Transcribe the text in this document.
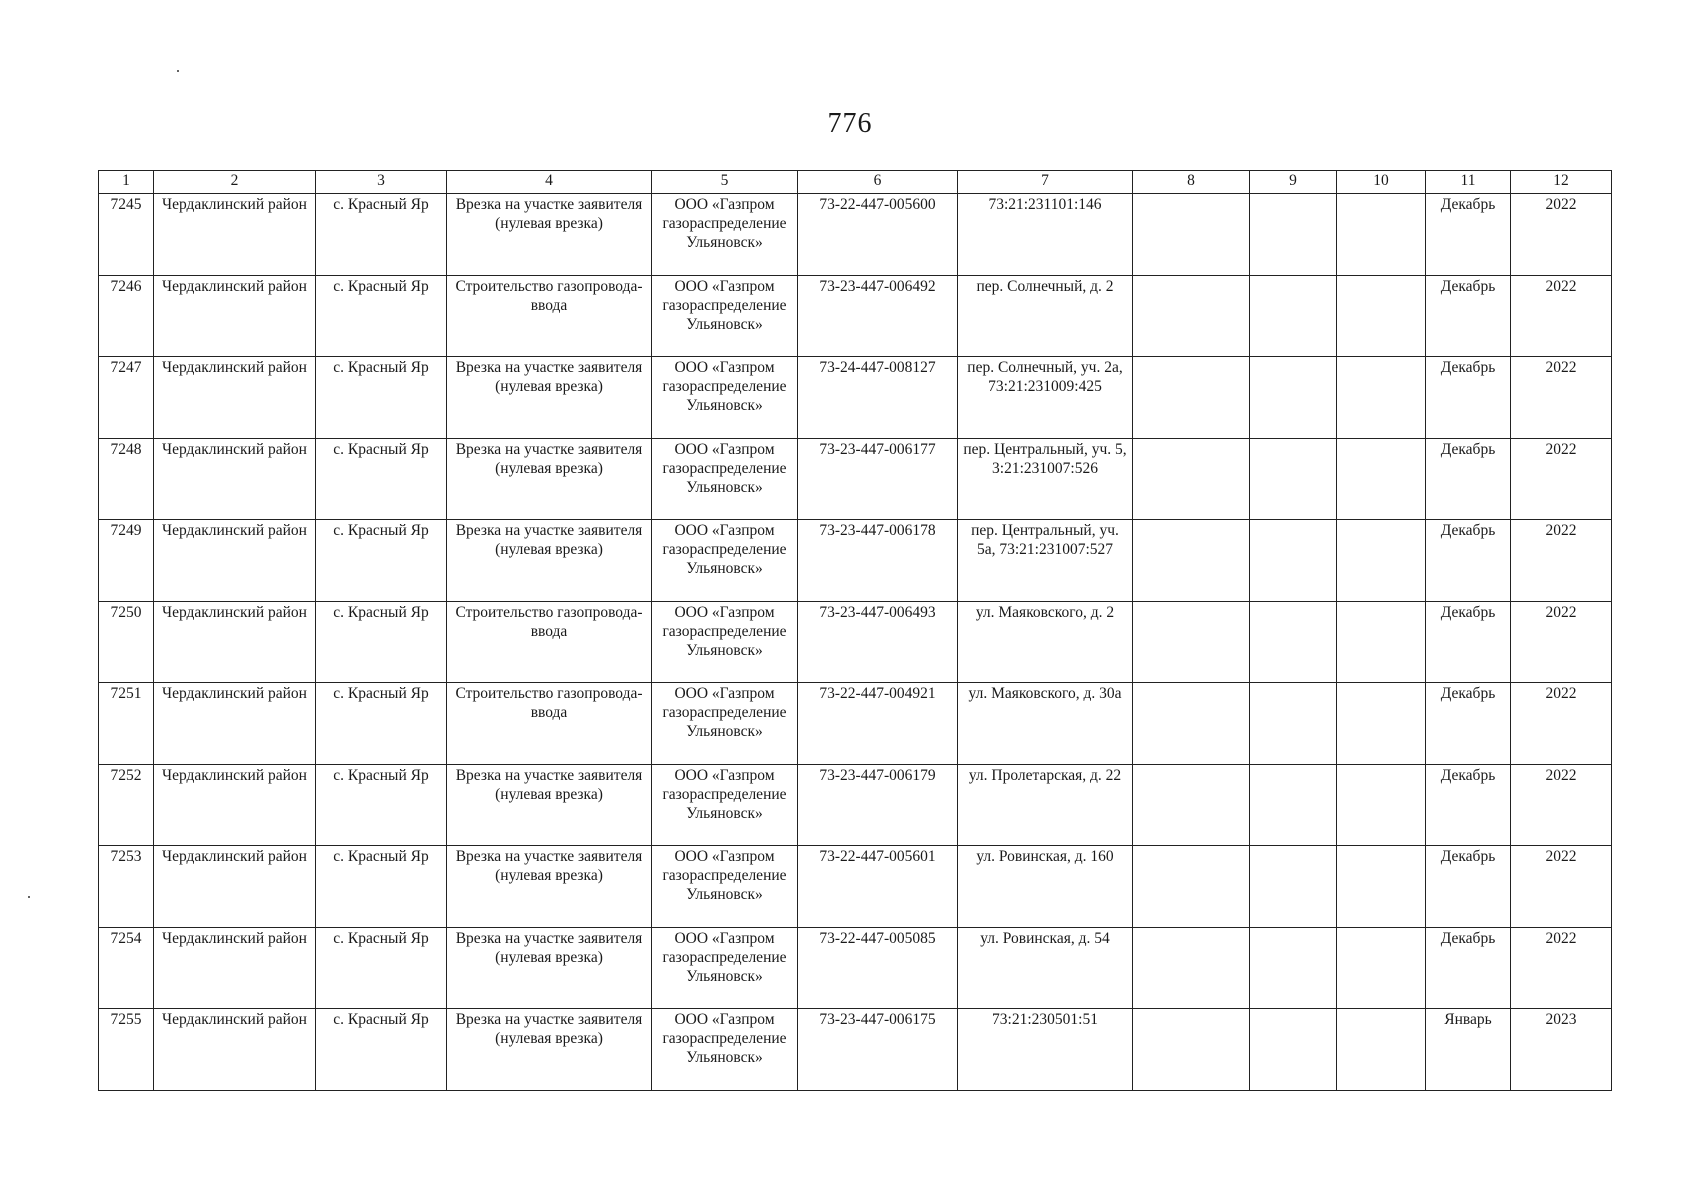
776
1	2	3	4	5	6	7	8	9	10	11	12
7245	Чердаклинский район	с. Красный Яр	Врезка на участке заявителя (нулевая врезка)	ООО «Газпром газораспределение Ульяновск»	73-22-447-005600	73:21:231101:146				Декабрь	2022
7246	Чердаклинский район	с. Красный Яр	Строительство газопровода-ввода	ООО «Газпром газораспределение Ульяновск»	73-23-447-006492	пер. Солнечный, д. 2				Декабрь	2022
7247	Чердаклинский район	с. Красный Яр	Врезка на участке заявителя (нулевая врезка)	ООО «Газпром газораспределение Ульяновск»	73-24-447-008127	пер. Солнечный, уч. 2а, 73:21:231009:425				Декабрь	2022
7248	Чердаклинский район	с. Красный Яр	Врезка на участке заявителя (нулевая врезка)	ООО «Газпром газораспределение Ульяновск»	73-23-447-006177	пер. Центральный, уч. 5, 3:21:231007:526				Декабрь	2022
7249	Чердаклинский район	с. Красный Яр	Врезка на участке заявителя (нулевая врезка)	ООО «Газпром газораспределение Ульяновск»	73-23-447-006178	пер. Центральный, уч. 5а, 73:21:231007:527				Декабрь	2022
7250	Чердаклинский район	с. Красный Яр	Строительство газопровода-ввода	ООО «Газпром газораспределение Ульяновск»	73-23-447-006493	ул. Маяковского, д. 2				Декабрь	2022
7251	Чердаклинский район	с. Красный Яр	Строительство газопровода-ввода	ООО «Газпром газораспределение Ульяновск»	73-22-447-004921	ул. Маяковского, д. 30а				Декабрь	2022
7252	Чердаклинский район	с. Красный Яр	Врезка на участке заявителя (нулевая врезка)	ООО «Газпром газораспределение Ульяновск»	73-23-447-006179	ул. Пролетарская, д. 22				Декабрь	2022
7253	Чердаклинский район	с. Красный Яр	Врезка на участке заявителя (нулевая врезка)	ООО «Газпром газораспределение Ульяновск»	73-22-447-005601	ул. Ровинская, д. 160				Декабрь	2022
7254	Чердаклинский район	с. Красный Яр	Врезка на участке заявителя (нулевая врезка)	ООО «Газпром газораспределение Ульяновск»	73-22-447-005085	ул. Ровинская, д. 54				Декабрь	2022
7255	Чердаклинский район	с. Красный Яр	Врезка на участке заявителя (нулевая врезка)	ООО «Газпром газораспределение Ульяновск»	73-23-447-006175	73:21:230501:51				Январь	2023
